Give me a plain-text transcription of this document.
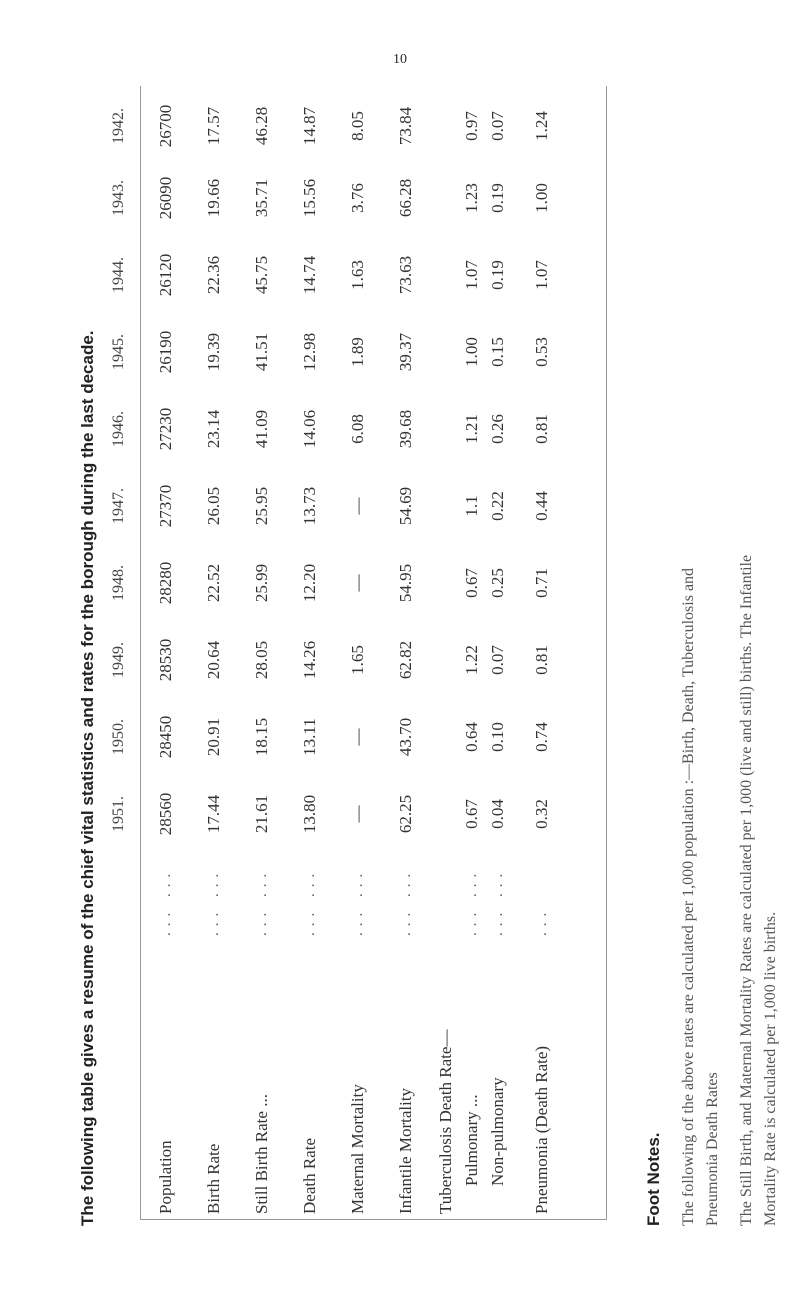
10
The following table gives a resume of the chief vital statistics and rates for the borough during the last decade. 1951.
1950.
1949.
1948.
1947.
1946.
1945.
1944.
1943.
1942.
Population
... ...
28560
28450
28530
28280
27370
27230
26190
26120
26090
26700
Birth Rate
... ...
17.44
20.91
20.64
22.52
26.05
23.14
19.39
22.36
19.66
17.57
Still Birth Rate ...
... ...
21.61
18.15
28.05
25.99
25.95
41.09
41.51
45.75
35.71
46.28
Death Rate
... ...
13.80
13.11
14.26
12.20
13.73
14.06
12.98
14.74
15.56
14.87
Maternal Mortality
... ...
—
—
1.65
—
—
6.08
1.89
1.63
3.76
8.05
Infantile Mortality
... ...
62.25
43.70
62.82
54.95
54.69
39.68
39.37
73.63
66.28
73.84
Tuberculosis Death Rate— Pulmonary ...
... ...
0.67
0.64
1.22
0.67
1.1
1.21
1.00
1.07
1.23
0.97
Non-pulmonary
... ...
0.04
0.10
0.07
0.25
0.22
0.26
0.15
0.19
0.19
0.07
Pneumonia (Death Rate)
...
0.32
0.74
0.81
0.71
0.44
0.81
0.53
1.07
1.00
1.24
Foot Notes. The following of the above rates are calculated per 1,000 population :—Birth, Death, Tuberculosis and Pneumonia Death Rates The Still Birth, and Maternal Mortality Rates are calculated per 1,000 (live and still) births. The Infantile Mortality Rate is calculated per 1,000 live births.
